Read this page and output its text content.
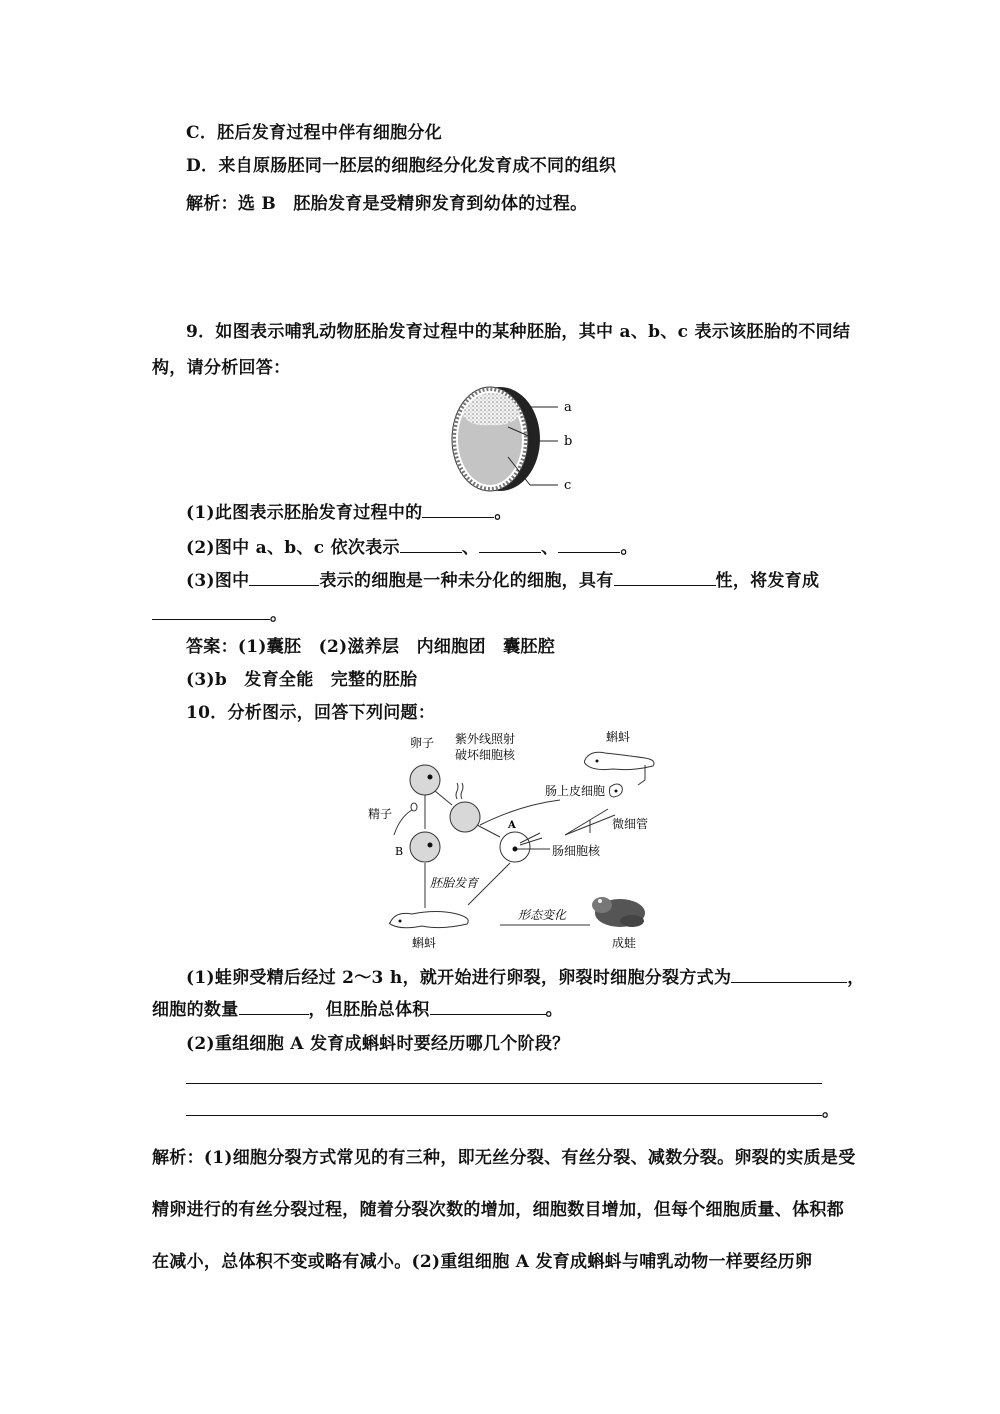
C．胚后发育过程中伴有细胞分化
D．来自原肠胚同一胚层的细胞经分化发育成不同的组织
解析：选 B　胚胎发育是受精卵发育到幼体的过程。
9．如图表示哺乳动物胚胎发育过程中的某种胚胎，其中 a、b、c 表示该胚胎的不同结
构，请分析回答：
a
b
c
(1)此图表示胚胎发育过程中的	。
(2)图中 a、b、c 依次表示	、	、	。
(3)图中	表示的细胞是一种未分化的细胞，具有	性，将发育成
。
答案：(1)囊胚　(2)滋养层　内细胞团　囊胚腔
(3)b　发育全能　完整的胚胎
10．分析图示，回答下列问题：
卵子 紫外线照射
破坏细胞核
精子
B
A
蝌蚪
肠上皮细胞
微细管
肠细胞核
胚胎发育
蝌蚪
形态变化
成蛙
(1)蛙卵受精后经过 2～3 h，就开始进行卵裂，卵裂时细胞分裂方式为	，
细胞的数量	，但胚胎总体积	。
(2)重组细胞 A 发育成蝌蚪时要经历哪几个阶段？
。
解析：(1)细胞分裂方式常见的有三种，即无丝分裂、有丝分裂、减数分裂。卵裂的实质是受
精卵进行的有丝分裂过程，随着分裂次数的增加，细胞数目增加，但每个细胞质量、体积都
在减小，总体积不变或略有减小。(2)重组细胞 A 发育成蝌蚪与哺乳动物一样要经历卵
